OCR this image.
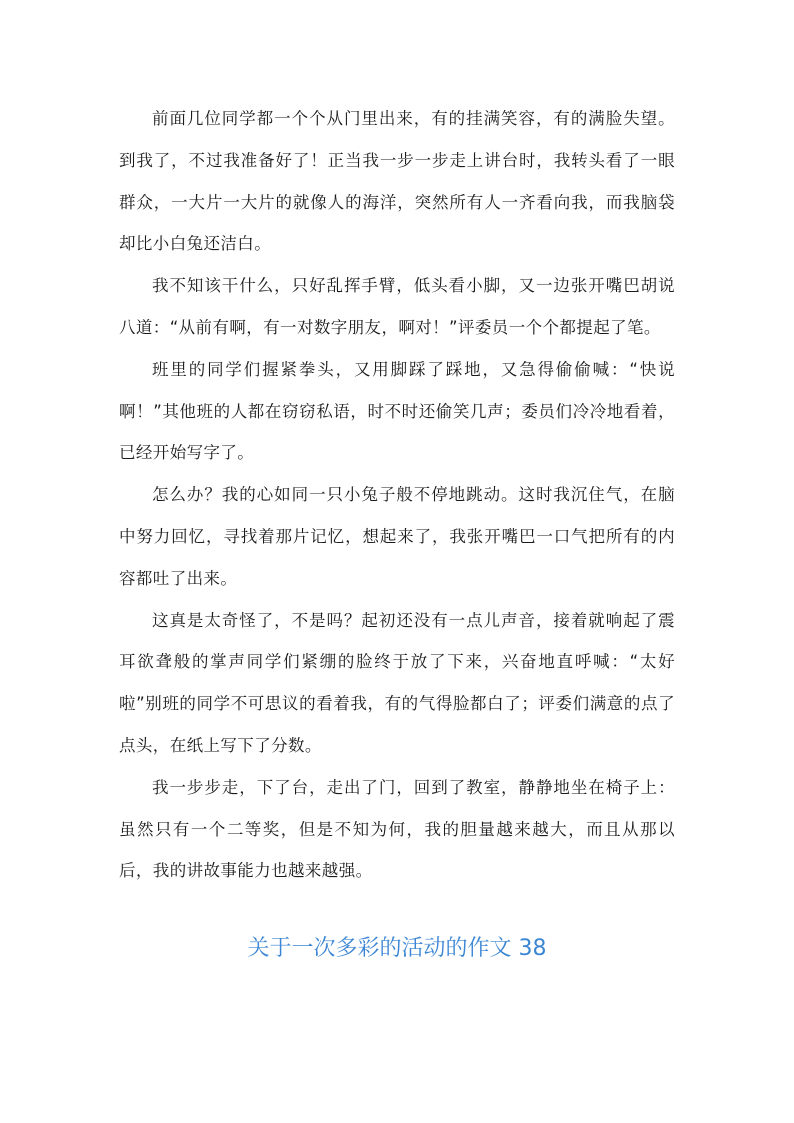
前面几位同学都一个个从门里出来，有的挂满笑容，有的满脸失望。到我了，不过我准备好了！正当我一步一步走上讲台时，我转头看了一眼群众，一大片一大片的就像人的海洋，突然所有人一齐看向我，而我脑袋却比小白兔还洁白。

我不知该干什么，只好乱挥手臂，低头看小脚，又一边张开嘴巴胡说八道：“从前有啊，有一对数字朋友，啊对！”评委员一个个都提起了笔。

班里的同学们握紧拳头，又用脚踩了踩地，又急得偷偷喊：“快说啊！”其他班的人都在窃窃私语，时不时还偷笑几声；委员们冷冷地看着，已经开始写字了。

怎么办？我的心如同一只小兔子般不停地跳动。这时我沉住气，在脑中努力回忆，寻找着那片记忆，想起来了，我张开嘴巴一口气把所有的内容都吐了出来。

这真是太奇怪了，不是吗？起初还没有一点儿声音，接着就响起了震耳欲聋般的掌声同学们紧绷的脸终于放了下来，兴奋地直呼喊：“太好啦”别班的同学不可思议的看着我，有的气得脸都白了；评委们满意的点了点头，在纸上写下了分数。

我一步步走，下了台，走出了门，回到了教室，静静地坐在椅子上：虽然只有一个二等奖，但是不知为何，我的胆量越来越大，而且从那以后，我的讲故事能力也越来越强。

关于一次多彩的活动的作文 38
